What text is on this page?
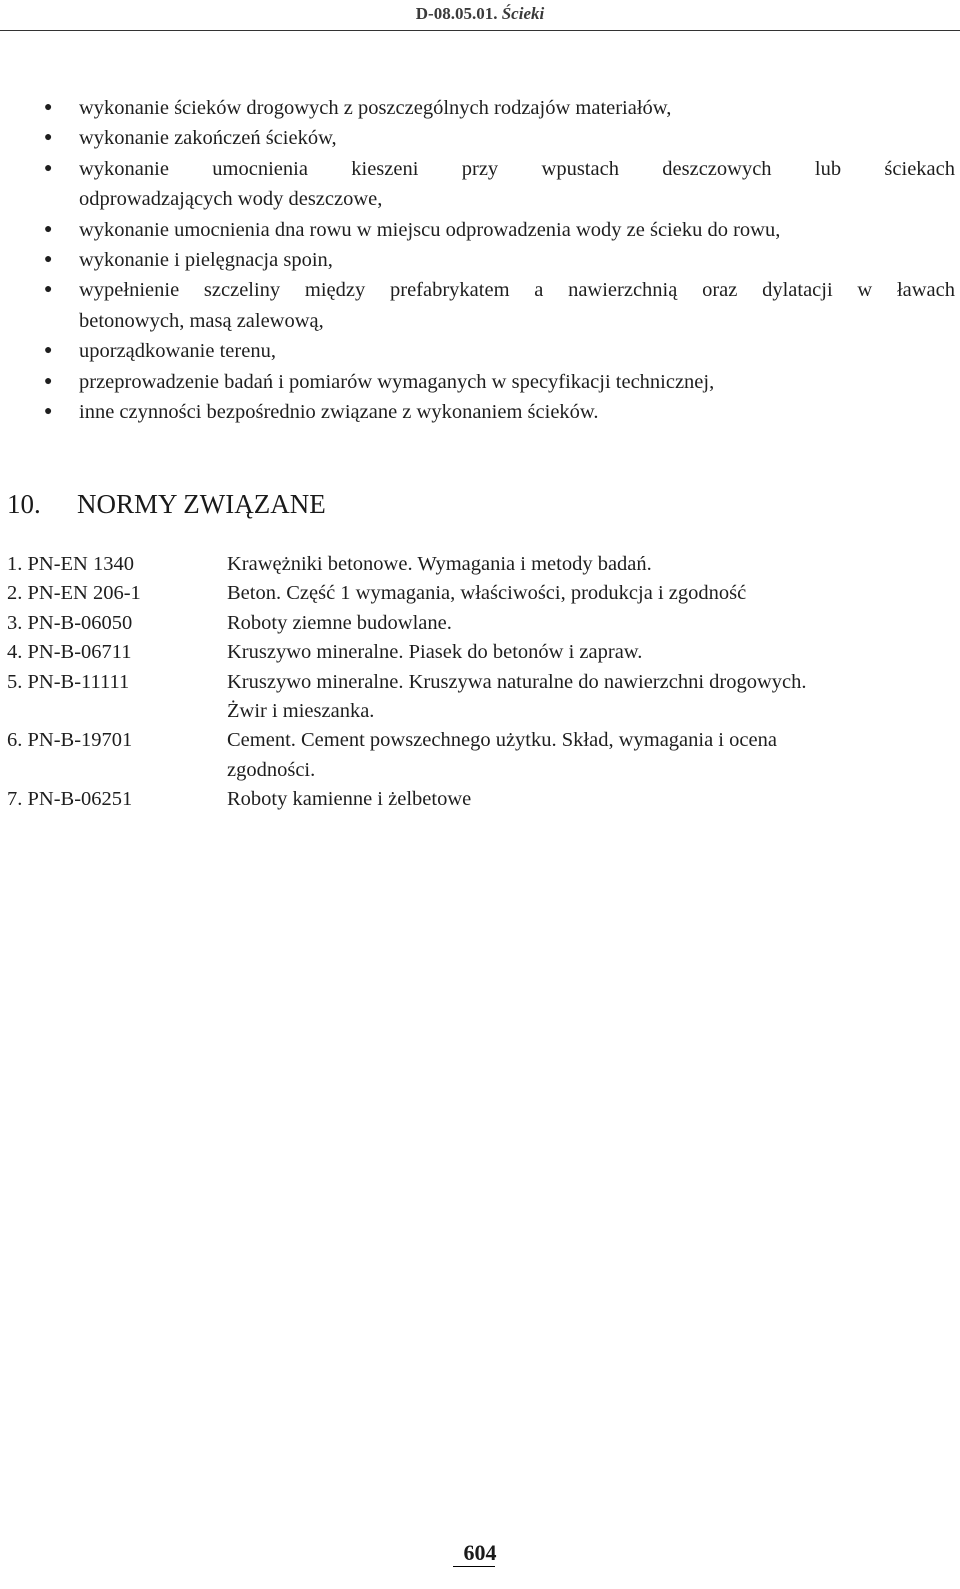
D-08.05.01. Ścieki
● wykonanie ścieków drogowych z poszczególnych rodzajów materiałów,
● wykonanie zakończeń ścieków,
● wykonanie umocnienia kieszeni przy wpustach deszczowych lub ściekach
odprowadzających wody deszczowe,
● wykonanie umocnienia dna rowu w miejscu odprowadzenia wody ze ścieku do rowu,
● wykonanie i pielęgnacja spoin,
● wypełnienie szczeliny między prefabrykatem a nawierzchnią oraz dylatacji w ławach
betonowych, masą zalewową,
● uporządkowanie terenu,
● przeprowadzenie badań i pomiarów wymaganych w specyfikacji technicznej,
● inne czynności bezpośrednio związane z wykonaniem ścieków.
10. NORMY ZWIĄZANE
1. PN-EN 1340	Krawężniki betonowe. Wymagania i metody badań.
2. PN-EN 206-1	Beton. Część 1 wymagania, właściwości, produkcja i zgodność
3. PN-B-06050	Roboty ziemne budowlane.
4. PN-B-06711	Kruszywo mineralne. Piasek do betonów i zapraw.
5. PN-B-11111	Kruszywo mineralne. Kruszywa naturalne do nawierzchni drogowych.
Żwir i mieszanka.
6. PN-B-19701	Cement. Cement powszechnego użytku. Skład, wymagania i ocena
zgodności.
7. PN-B-06251	Roboty kamienne i żelbetowe
604
